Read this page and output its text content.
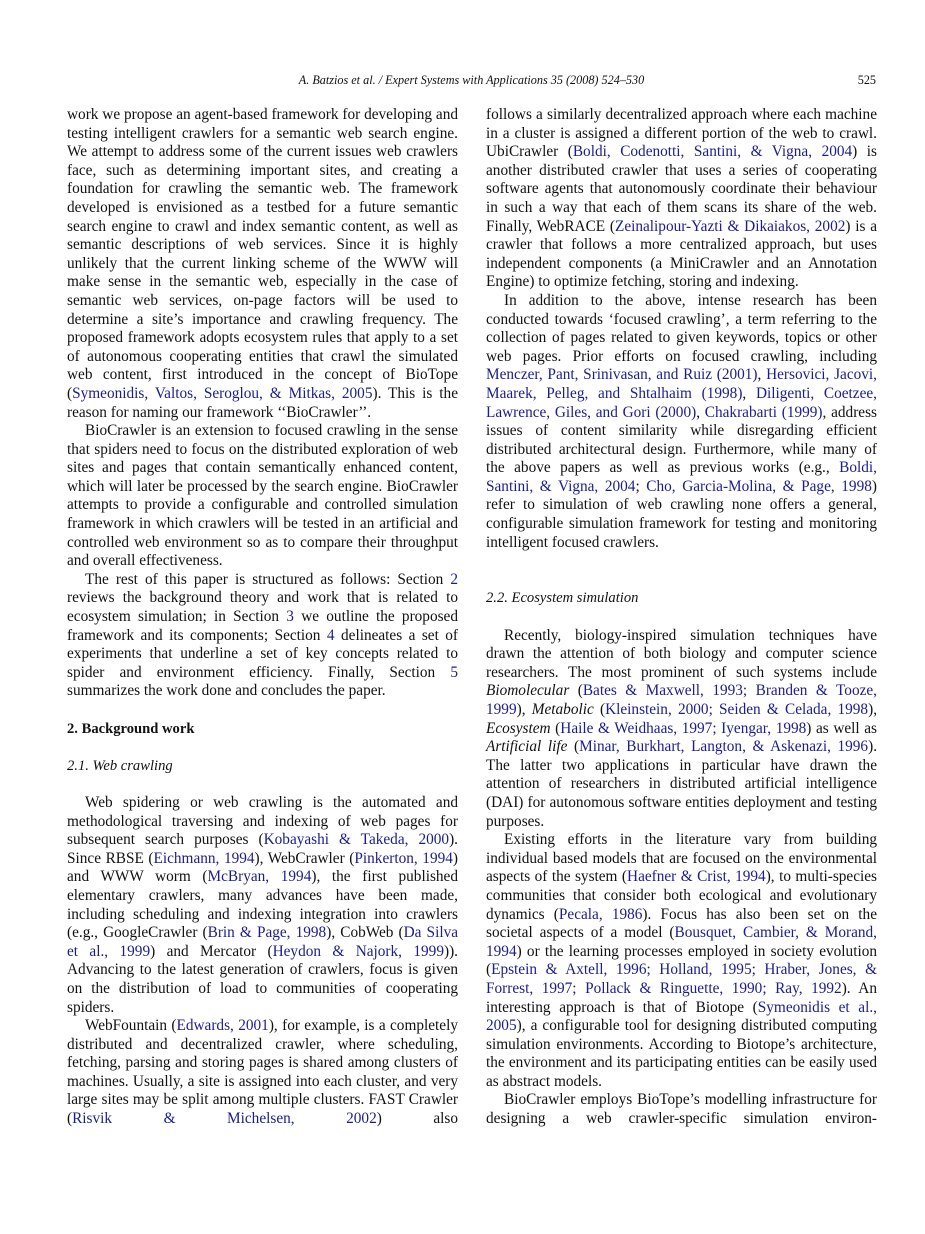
A. Batzios et al. / Expert Systems with Applications 35 (2008) 524–530	525

work we propose an agent-based framework for developing and testing intelligent crawlers for a semantic web search engine. We attempt to address some of the current issues web crawlers face, such as determining important sites, and creating a foundation for crawling the semantic web. The framework developed is envisioned as a testbed for a future semantic search engine to crawl and index semantic content, as well as semantic descriptions of web services. Since it is highly unlikely that the current linking scheme of the WWW will make sense in the semantic web, especially in the case of semantic web services, on-page factors will be used to determine a site’s importance and crawling frequency. The proposed framework adopts ecosystem rules that apply to a set of autonomous cooperating entities that crawl the simulated web content, first introduced in the concept of BioTope (Symeonidis, Valtos, Seroglou, & Mitkas, 2005). This is the reason for naming our framework ‘‘BioCrawler’’.

BioCrawler is an extension to focused crawling in the sense that spiders need to focus on the distributed exploration of web sites and pages that contain semantically enhanced content, which will later be processed by the search engine. BioCrawler attempts to provide a configurable and controlled simulation framework in which crawlers will be tested in an artificial and controlled web environment so as to compare their throughput and overall effectiveness.

The rest of this paper is structured as follows: Section 2 reviews the background theory and work that is related to ecosystem simulation; in Section 3 we outline the proposed framework and its components; Section 4 delineates a set of experiments that underline a set of key concepts related to spider and environment efficiency. Finally, Section 5 summarizes the work done and concludes the paper.

2. Background work
2.1. Web crawling

Web spidering or web crawling is the automated and methodological traversing and indexing of web pages for subsequent search purposes (Kobayashi & Takeda, 2000). Since RBSE (Eichmann, 1994), WebCrawler (Pinkerton, 1994) and WWW worm (McBryan, 1994), the first published elementary crawlers, many advances have been made, including scheduling and indexing integration into crawlers (e.g., GoogleCrawler (Brin & Page, 1998), CobWeb (Da Silva et al., 1999) and Mercator (Heydon & Najork, 1999)). Advancing to the latest generation of crawlers, focus is given on the distribution of load to communities of cooperating spiders.

WebFountain (Edwards, 2001), for example, is a completely distributed and decentralized crawler, where scheduling, fetching, parsing and storing pages is shared among clusters of machines. Usually, a site is assigned into each cluster, and very large sites may be split among multiple clusters. FAST Crawler (Risvik & Michelsen, 2002) also

follows a similarly decentralized approach where each machine in a cluster is assigned a different portion of the web to crawl. UbiCrawler (Boldi, Codenotti, Santini, & Vigna, 2004) is another distributed crawler that uses a series of cooperating software agents that autonomously coordinate their behaviour in such a way that each of them scans its share of the web. Finally, WebRACE (Zeinalipour-Yazti & Dikaiakos, 2002) is a crawler that follows a more centralized approach, but uses independent components (a MiniCrawler and an Annotation Engine) to optimize fetching, storing and indexing.

In addition to the above, intense research has been conducted towards ‘focused crawling’, a term referring to the collection of pages related to given keywords, topics or other web pages. Prior efforts on focused crawling, including Menczer, Pant, Srinivasan, and Ruiz (2001), Hersovici, Jacovi, Maarek, Pelleg, and Shtalhaim (1998), Diligenti, Coetzee, Lawrence, Giles, and Gori (2000), Chakrabarti (1999), address issues of content similarity while disregarding efficient distributed architectural design. Furthermore, while many of the above papers as well as previous works (e.g., Boldi, Santini, & Vigna, 2004; Cho, Garcia-Molina, & Page, 1998) refer to simulation of web crawling none offers a general, configurable simulation framework for testing and monitoring intelligent focused crawlers.

2.2. Ecosystem simulation

Recently, biology-inspired simulation techniques have drawn the attention of both biology and computer science researchers. The most prominent of such systems include Biomolecular (Bates & Maxwell, 1993; Branden & Tooze, 1999), Metabolic (Kleinstein, 2000; Seiden & Celada, 1998), Ecosystem (Haile & Weidhaas, 1997; Iyengar, 1998) as well as Artificial life (Minar, Burkhart, Langton, & Askenazi, 1996). The latter two applications in particular have drawn the attention of researchers in distributed artificial intelligence (DAI) for autonomous software entities deployment and testing purposes.

Existing efforts in the literature vary from building individual based models that are focused on the environmental aspects of the system (Haefner & Crist, 1994), to multi-species communities that consider both ecological and evolutionary dynamics (Pecala, 1986). Focus has also been set on the societal aspects of a model (Bousquet, Cambier, & Morand, 1994) or the learning processes employed in society evolution (Epstein & Axtell, 1996; Holland, 1995; Hraber, Jones, & Forrest, 1997; Pollack & Ringuette, 1990; Ray, 1992). An interesting approach is that of Biotope (Symeonidis et al., 2005), a configurable tool for designing distributed computing simulation environments. According to Biotope’s architecture, the environment and its participating entities can be easily used as abstract models.

BioCrawler employs BioTope’s modelling infrastructure for designing a web crawler-specific simulation environ-
